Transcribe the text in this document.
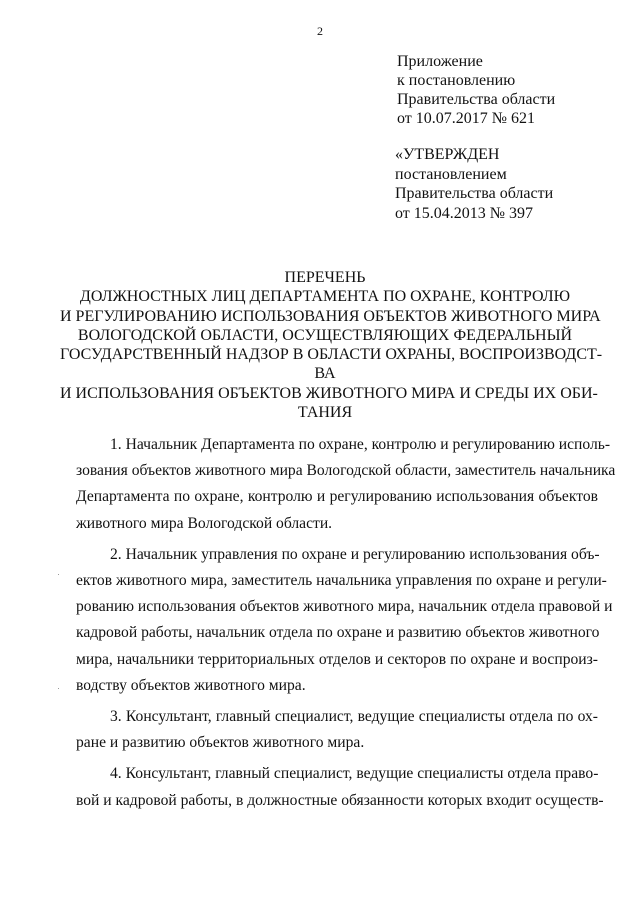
2
Приложение
к постановлению
Правительства области
от 10.07.2017 № 621
«УТВЕРЖДЕН
постановлением
Правительства области
от 15.04.2013 № 397
ПЕРЕЧЕНЬ
ДОЛЖНОСТНЫХ ЛИЦ ДЕПАРТАМЕНТА ПО ОХРАНЕ, КОНТРОЛЮ
И РЕГУЛИРОВАНИЮ ИСПОЛЬЗОВАНИЯ ОБЪЕКТОВ ЖИВОТНОГО МИРА
ВОЛОГОДСКОЙ ОБЛАСТИ, ОСУЩЕСТВЛЯЮЩИХ ФЕДЕРАЛЬНЫЙ
ГОСУДАРСТВЕННЫЙ НАДЗОР В ОБЛАСТИ ОХРАНЫ, ВОСПРОИЗВОДСТ-
ВА
И ИСПОЛЬЗОВАНИЯ ОБЪЕКТОВ ЖИВОТНОГО МИРА И СРЕДЫ ИХ ОБИ-
ТАНИЯ
1. Начальник Департамента по охране, контролю и регулированию исполь-
зования объектов животного мира Вологодской области, заместитель начальника
Департамента по охране, контролю и регулированию использования объектов
животного мира Вологодской области.
2. Начальник управления по охране и регулированию использования объ-
ектов животного мира, заместитель начальника управления по охране и регули-
рованию использования объектов животного мира, начальник отдела правовой и
кадровой работы, начальник отдела по охране и развитию объектов животного
мира, начальники территориальных отделов и секторов по охране и воспроиз-
водству объектов животного мира.
3. Консультант, главный специалист, ведущие специалисты отдела по ох-
ране и развитию объектов животного мира.
4. Консультант, главный специалист, ведущие специалисты отдела право-
вой и кадровой работы, в должностные обязанности которых входит осуществ-
